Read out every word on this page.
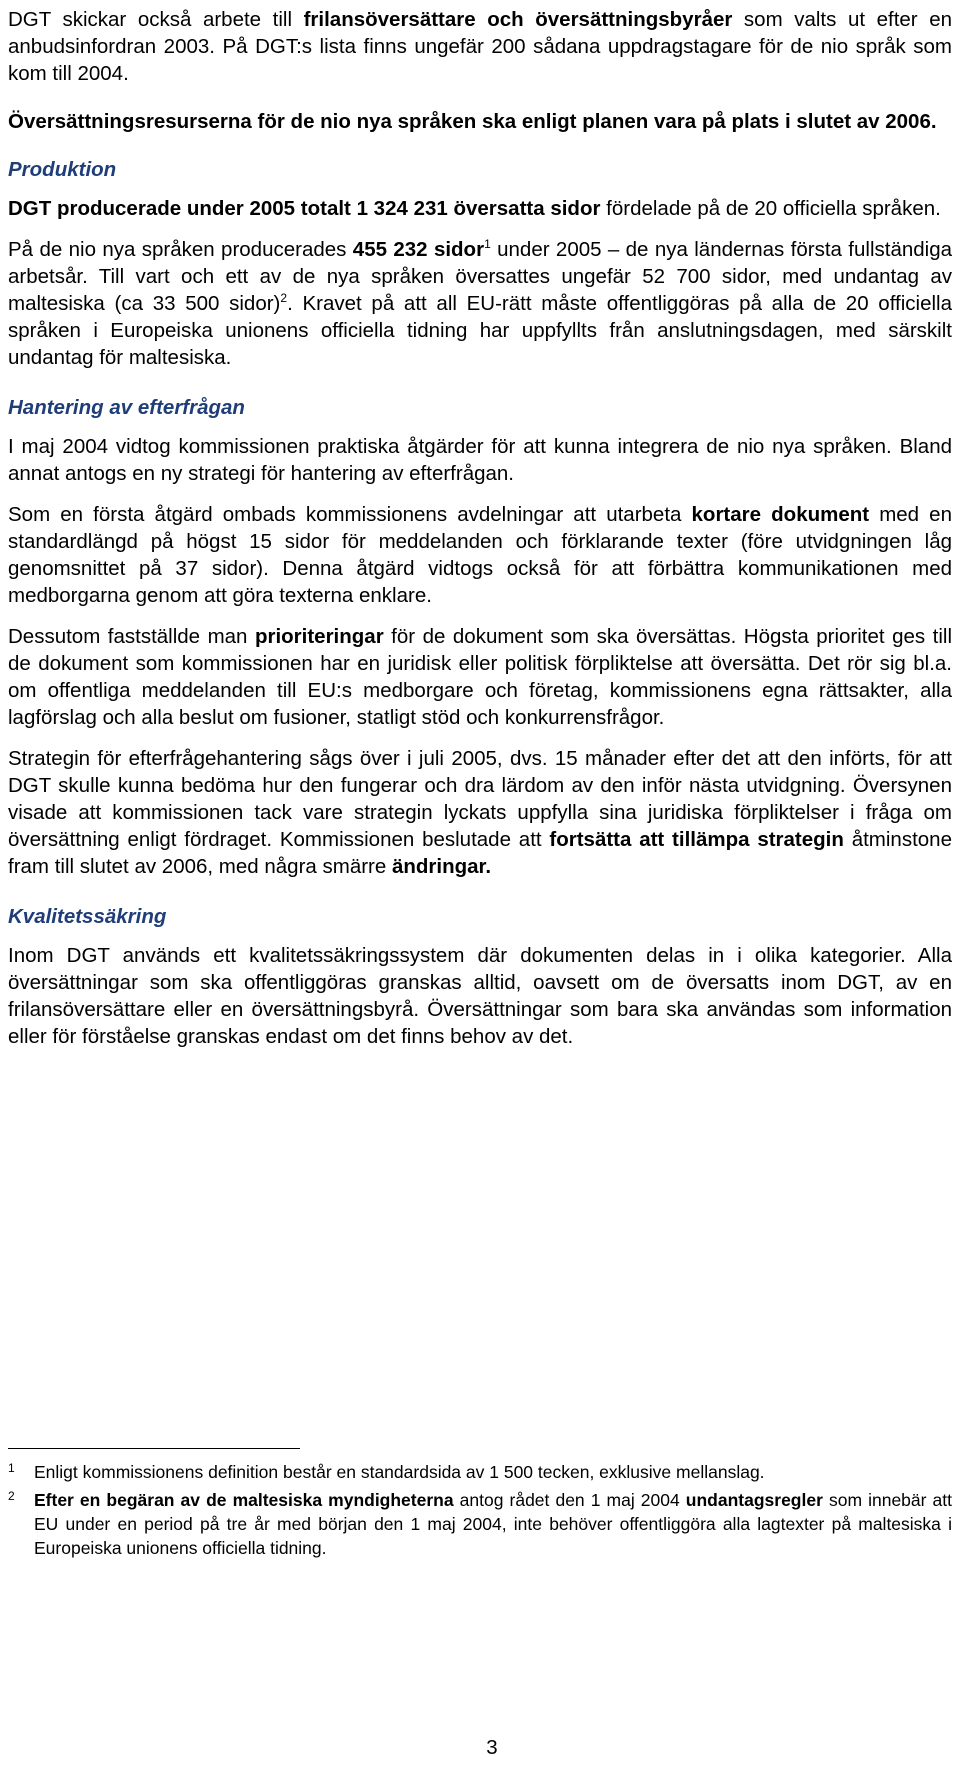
DGT skickar också arbete till frilansöversättare och översättningsbyråer som valts ut efter en anbudsinfordran 2003. På DGT:s lista finns ungefär 200 sådana uppdragstagare för de nio språk som kom till 2004.

Översättningsresurserna för de nio nya språken ska enligt planen vara på plats i slutet av 2006.

Produktion

DGT producerade under 2005 totalt 1 324 231 översatta sidor fördelade på de 20 officiella språken.

På de nio nya språken producerades 455 232 sidor$^1$ under 2005 – de nya ländernas första fullständiga arbetsår. Till vart och ett av de nya språken översattes ungefär 52 700 sidor, med undantag av maltesiska (ca 33 500 sidor)$^2$. Kravet på att all EU-rätt måste offentliggöras på alla de 20 officiella språken i Europeiska unionens officiella tidning har uppfyllts från anslutningsdagen, med särskilt undantag för maltesiska.

Hantering av efterfrågan

I maj 2004 vidtog kommissionen praktiska åtgärder för att kunna integrera de nio nya språken. Bland annat antogs en ny strategi för hantering av efterfrågan.

Som en första åtgärd ombads kommissionens avdelningar att utarbeta kortare dokument med en standardlängd på högst 15 sidor för meddelanden och förklarande texter (före utvidgningen låg genomsnittet på 37 sidor). Denna åtgärd vidtogs också för att förbättra kommunikationen med medborgarna genom att göra texterna enklare.

Dessutom fastställde man prioriteringar för de dokument som ska översättas. Högsta prioritet ges till de dokument som kommissionen har en juridisk eller politisk förpliktelse att översätta. Det rör sig bl.a. om offentliga meddelanden till EU:s medborgare och företag, kommissionens egna rättsakter, alla lagförslag och alla beslut om fusioner, statligt stöd och konkurrensfrågor.

Strategin för efterfrågehantering sågs över i juli 2005, dvs. 15 månader efter det att den införts, för att DGT skulle kunna bedöma hur den fungerar och dra lärdom av den inför nästa utvidgning. Översynen visade att kommissionen tack vare strategin lyckats uppfylla sina juridiska förpliktelser i fråga om översättning enligt fördraget. Kommissionen beslutade att fortsätta att tillämpa strategin åtminstone fram till slutet av 2006, med några smärre ändringar.

Kvalitetssäkring

Inom DGT används ett kvalitetssäkringssystem där dokumenten delas in i olika kategorier. Alla översättningar som ska offentliggöras granskas alltid, oavsett om de översatts inom DGT, av en frilansöversättare eller en översättningsbyrå. Översättningar som bara ska användas som information eller för förståelse granskas endast om det finns behov av det.

1 Enligt kommissionens definition består en standardsida av 1 500 tecken, exklusive mellanslag.
2 Efter en begäran av de maltesiska myndigheterna antog rådet den 1 maj 2004 undantagsregler som innebär att EU under en period på tre år med början den 1 maj 2004, inte behöver offentliggöra alla lagtexter på maltesiska i Europeiska unionens officiella tidning.
3
